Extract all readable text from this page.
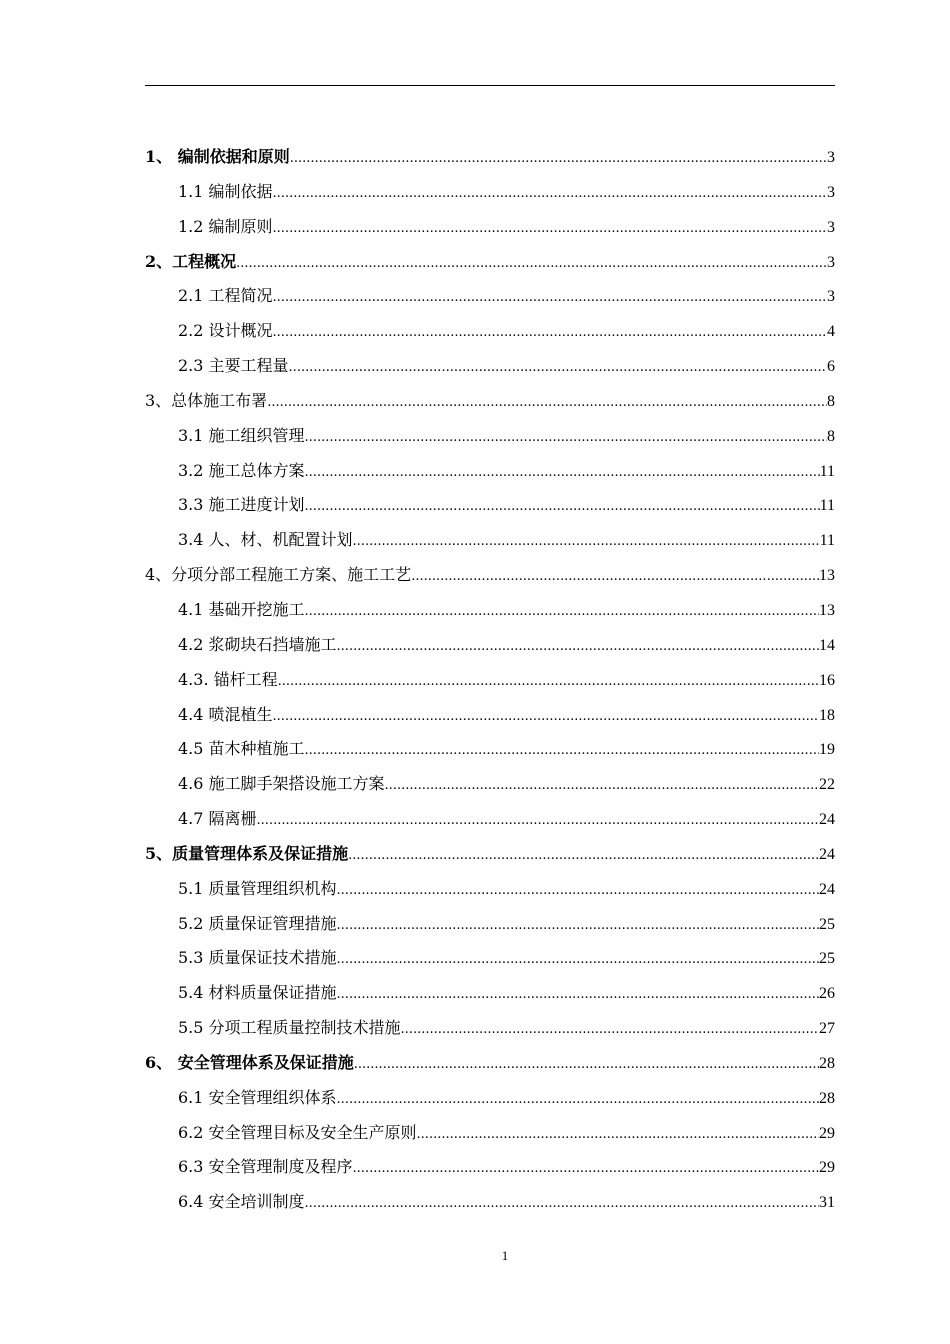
1、 编制依据和原则 .....	3
1.1 编制依据 .....	3
1.2 编制原则 .....	3
2、工程概况 .....	3
2.1 工程简况 .....	3
2.2 设计概况 .....	4
2.3 主要工程量 .....	6
3、总体施工布署 .....	8
3.1 施工组织管理 .....	8
3.2 施工总体方案 .....	11
3.3 施工进度计划 .....	11
3.4 人、材、机配置计划 .....	11
4、分项分部工程施工方案、施工工艺 .....	13
4.1 基础开挖施工 .....	13
4.2 浆砌块石挡墙施工 .....	14
4.3. 锚杆工程 .....	16
4.4 喷混植生 .....	18
4.5 苗木种植施工 .....	19
4.6 施工脚手架搭设施工方案 .....	22
4.7 隔离栅 .....	24
5、质量管理体系及保证措施 .....	24
5.1 质量管理组织机构 .....	24
5.2 质量保证管理措施 .....	25
5.3 质量保证技术措施 .....	25
5.4 材料质量保证措施 .....	26
5.5 分项工程质量控制技术措施 .....	27
6、 安全管理体系及保证措施 .....	28
6.1 安全管理组织体系 .....	28
6.2 安全管理目标及安全生产原则 .....	29
6.3 安全管理制度及程序 .....	29
6.4 安全培训制度 .....	31
1
